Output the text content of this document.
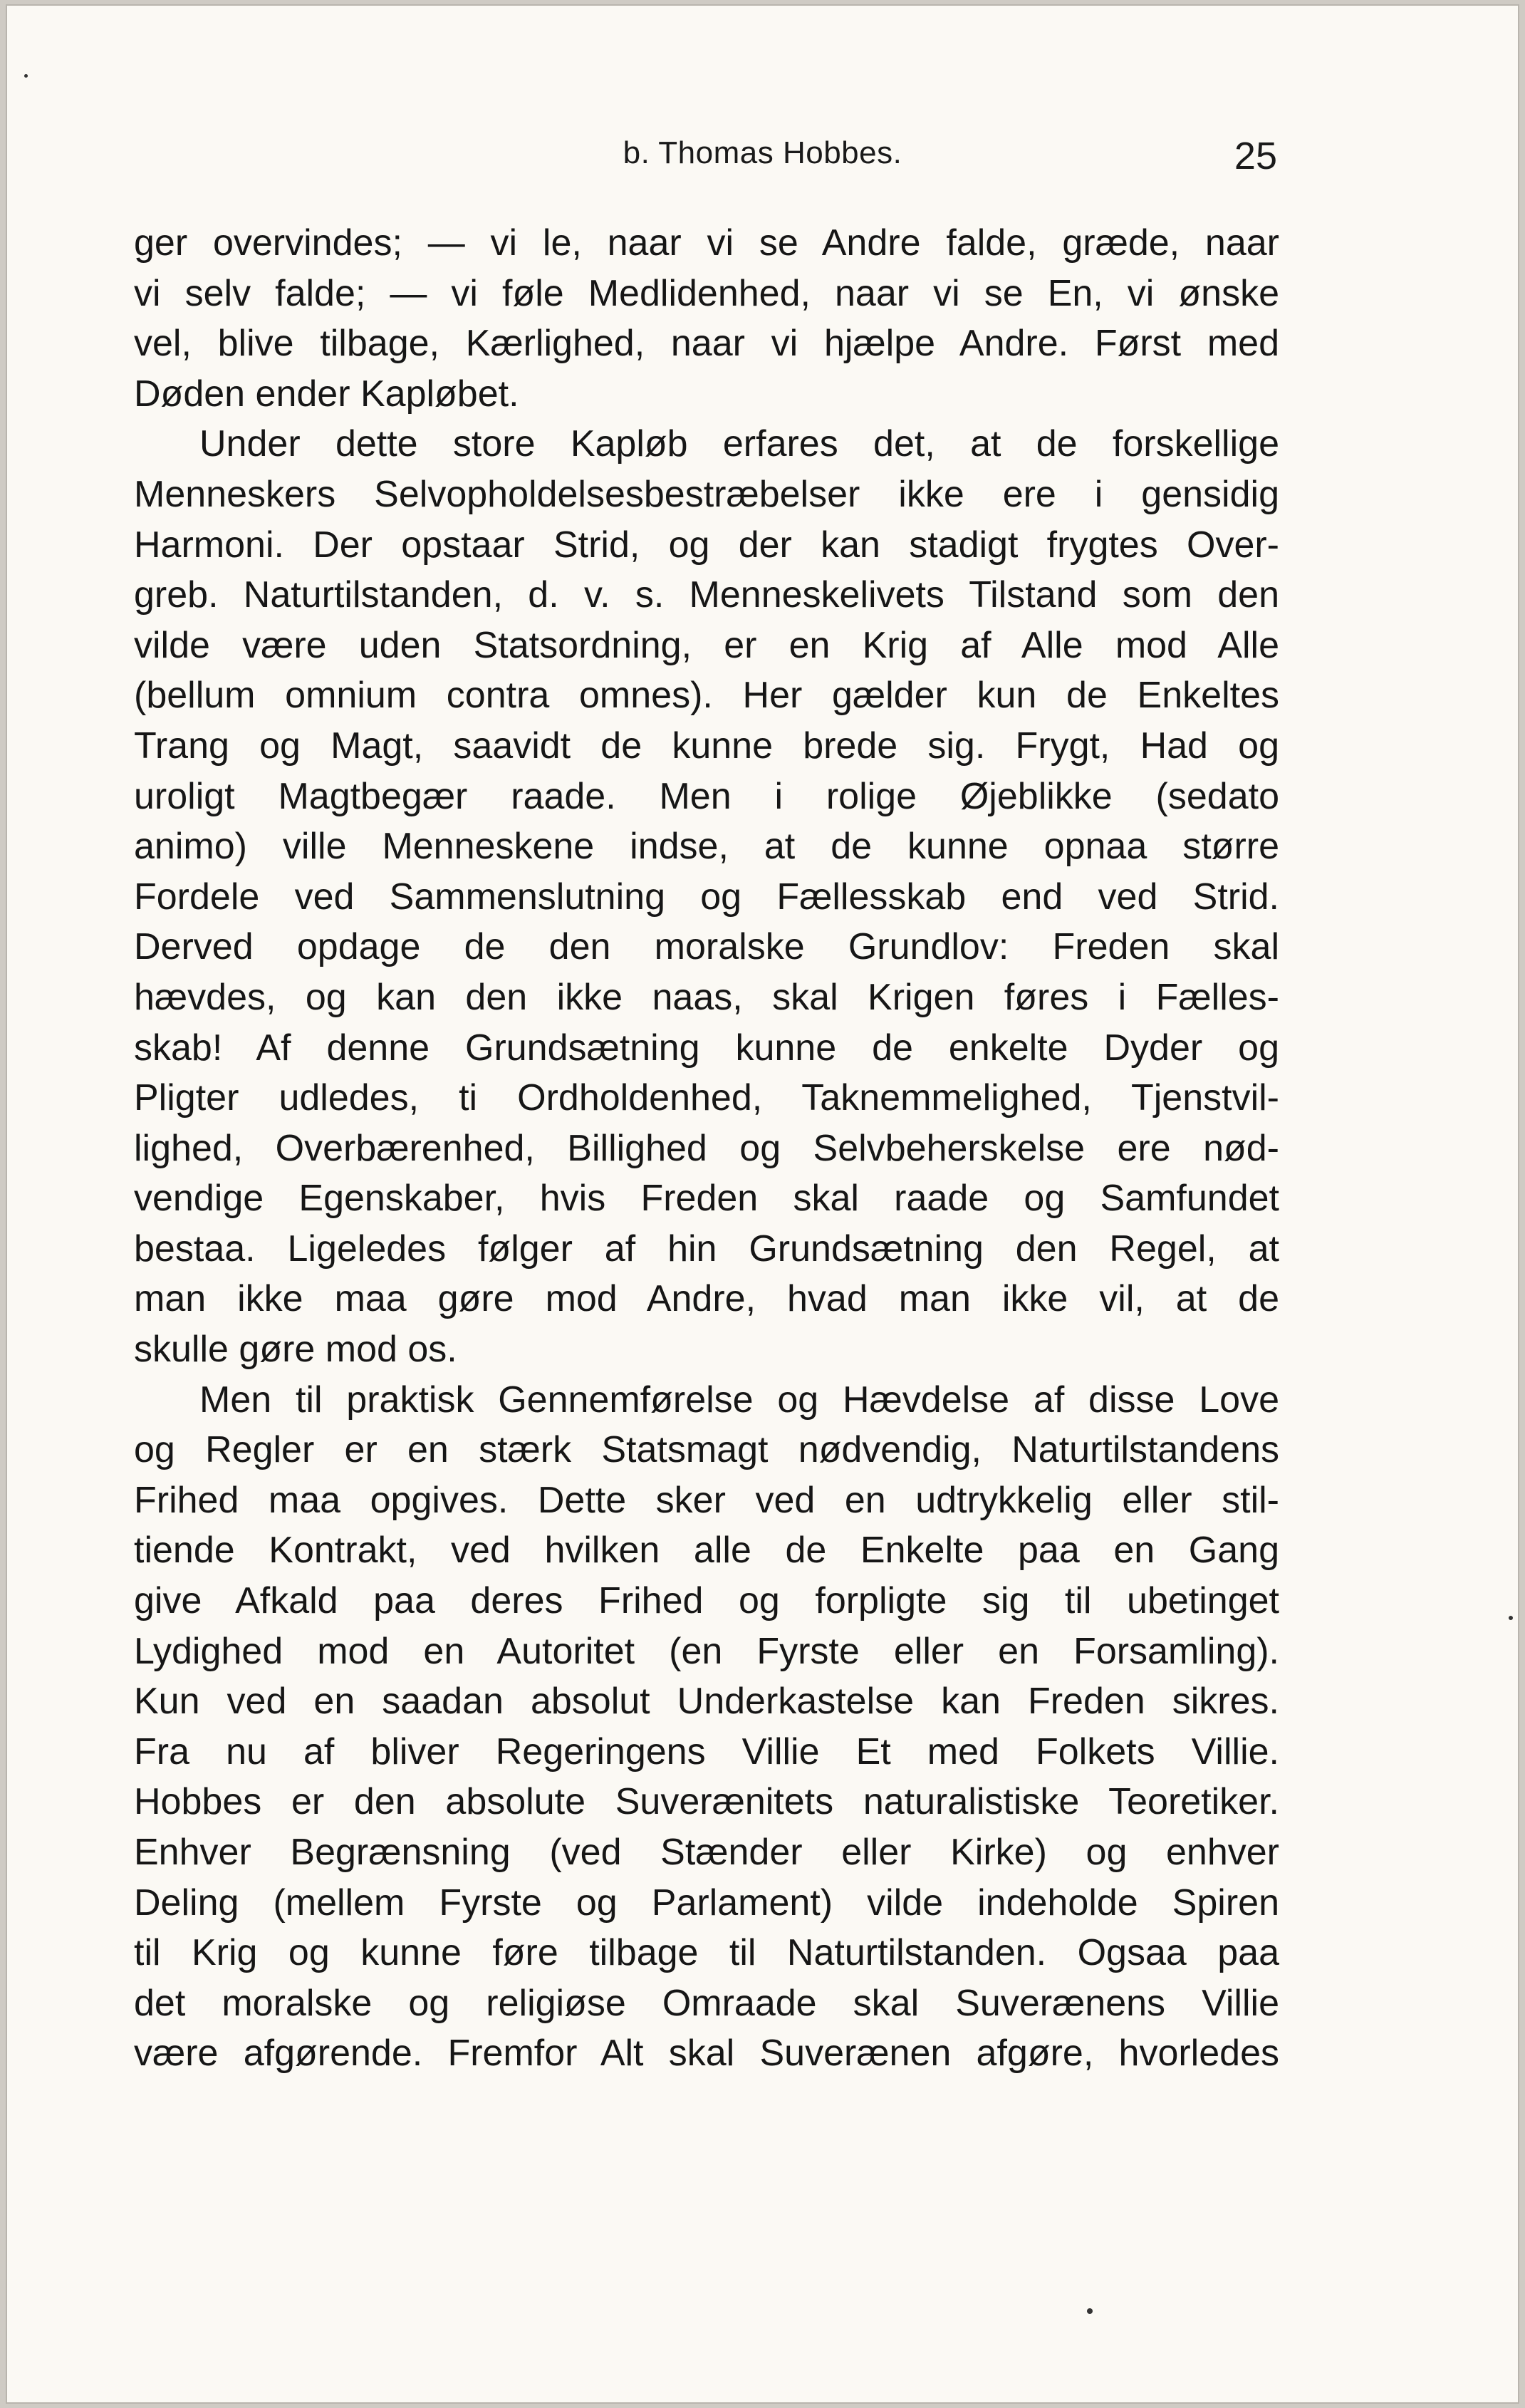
b. Thomas Hobbes.	25
ger overvindes; — vi le, naar vi se Andre falde, græde, naar
vi selv falde; — vi føle Medlidenhed, naar vi se En, vi ønske
vel, blive tilbage, Kærlighed, naar vi hjælpe Andre. Først med
Døden ender Kapløbet.
Under dette store Kapløb erfares det, at de forskellige
Menneskers Selvopholdelsesbestræbelser ikke ere i gensidig
Harmoni. Der opstaar Strid, og der kan stadigt frygtes Over-
greb. Naturtilstanden, d. v. s. Menneskelivets Tilstand som den
vilde være uden Statsordning, er en Krig af Alle mod Alle
(bellum omnium contra omnes). Her gælder kun de Enkeltes
Trang og Magt, saavidt de kunne brede sig. Frygt, Had og
uroligt Magtbegær raade. Men i rolige Øjeblikke (sedato
animo) ville Menneskene indse, at de kunne opnaa større
Fordele ved Sammenslutning og Fællesskab end ved Strid.
Derved opdage de den moralske Grundlov: Freden skal
hævdes, og kan den ikke naas, skal Krigen føres i Fælles-
skab! Af denne Grundsætning kunne de enkelte Dyder og
Pligter udledes, ti Ordholdenhed, Taknemmelighed, Tjenstvil-
lighed, Overbærenhed, Billighed og Selvbeherskelse ere nød-
vendige Egenskaber, hvis Freden skal raade og Samfundet
bestaa. Ligeledes følger af hin Grundsætning den Regel, at
man ikke maa gøre mod Andre, hvad man ikke vil, at de
skulle gøre mod os.
Men til praktisk Gennemførelse og Hævdelse af disse Love
og Regler er en stærk Statsmagt nødvendig, Naturtilstandens
Frihed maa opgives. Dette sker ved en udtrykkelig eller stil-
tiende Kontrakt, ved hvilken alle de Enkelte paa en Gang
give Afkald paa deres Frihed og forpligte sig til ubetinget
Lydighed mod en Autoritet (en Fyrste eller en Forsamling).
Kun ved en saadan absolut Underkastelse kan Freden sikres.
Fra nu af bliver Regeringens Villie Et med Folkets Villie.
Hobbes er den absolute Suverænitets naturalistiske Teoretiker.
Enhver Begrænsning (ved Stænder eller Kirke) og enhver
Deling (mellem Fyrste og Parlament) vilde indeholde Spiren
til Krig og kunne føre tilbage til Naturtilstanden. Ogsaa paa
det moralske og religiøse Omraade skal Suverænens Villie
være afgørende. Fremfor Alt skal Suverænen afgøre, hvorledes
